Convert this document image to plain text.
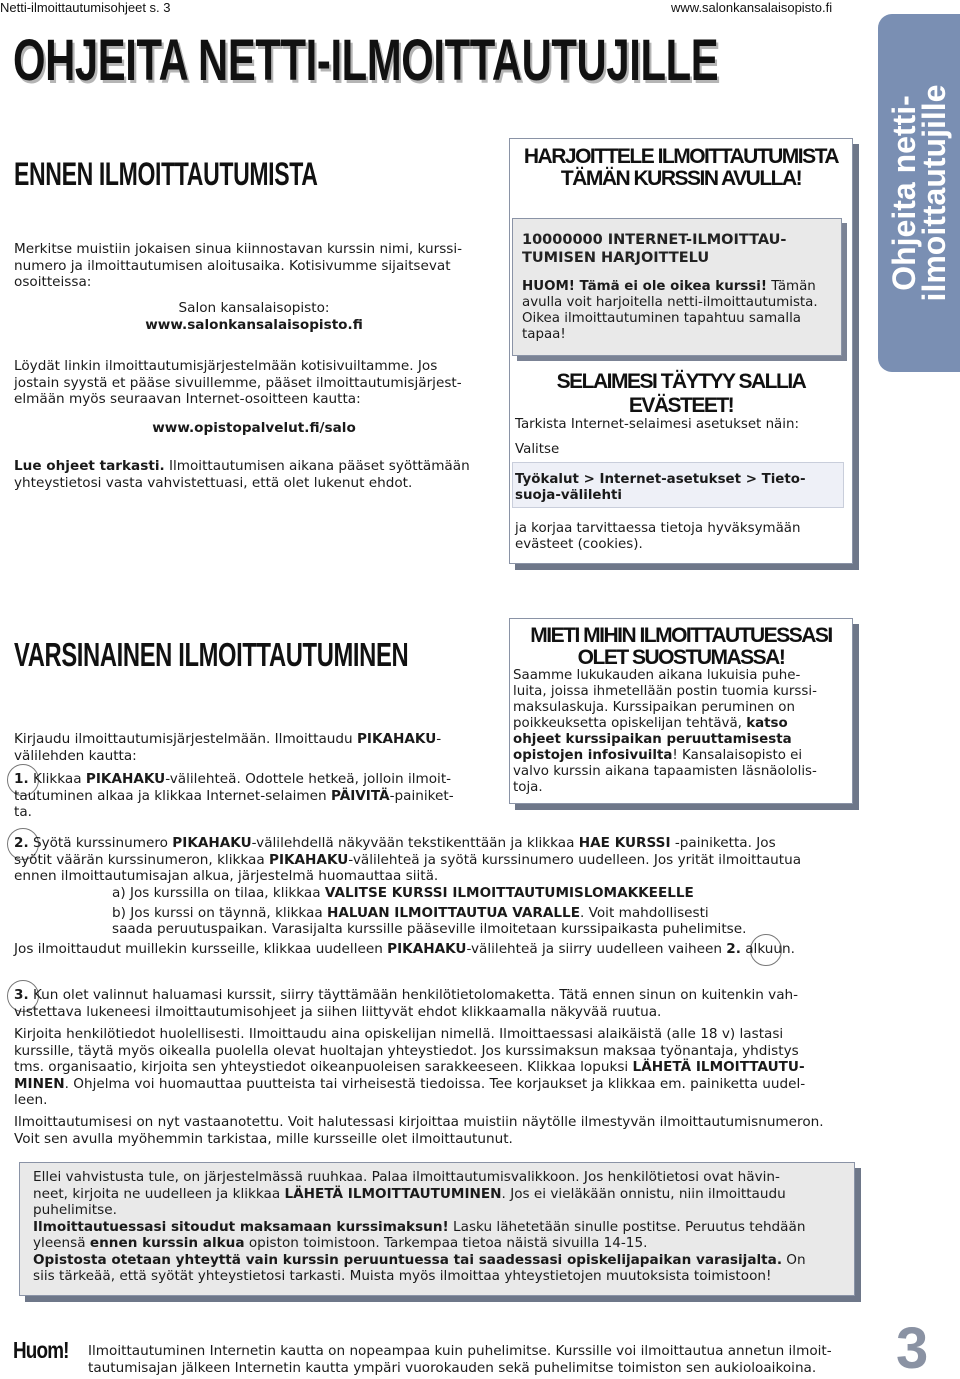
Netti-ilmoittautumisohjeet s. 3	www.salonkansalaisopisto.fi
OHJEITA NETTI-ILMOITTAUTUJILLE
Ohjeita netti-
ilmoittautujille
ENNEN ILMOITTAUTUMISTA
Merkitse muistiin jokaisen sinua kiinnostavan kurssin nimi, kurssi-
numero ja ilmoittautumisen aloitusaika. Kotisivumme sijaitsevat
osoitteissa:
Salon kansalaisopisto:
www.salonkansalaisopisto.fi
Löydät linkin ilmoittautumisjärjestelmään kotisivuiltamme. Jos
jostain syystä et pääse sivuillemme, pääset ilmoittautumisjärjest-
elmään myös seuraavan Internet-osoitteen kautta:
www.opistopalvelut.fi/salo
Lue ohjeet tarkasti. Ilmoittautumisen aikana pääset syöttämään
yhteystietosi vasta vahvistettuasi, että olet lukenut ehdot.
HARJOITTELE ILMOITTAUTUMISTA
TÄMÄN KURSSIN AVULLA!
10000000 INTERNET-ILMOITTAU-
TUMISEN HARJOITTELU
HUOM! Tämä ei ole oikea kurssi! Tämän
avulla voit harjoitella netti-ilmoittautumista.
Oikea ilmoittautuminen tapahtuu samalla
tapaa!
SELAIMESI TÄYTYY SALLIA EVÄSTEET!
Tarkista Internet-selaimesi asetukset näin:
Valitse
Työkalut > Internet-asetukset > Tieto-
suoja-välilehti
ja korjaa tarvittaessa tietoja hyväksymään
evästeet (cookies).
VARSINAINEN ILMOITTAUTUMINEN
Kirjaudu ilmoittautumisjärjestelmään. Ilmoittaudu PIKAHAKU-
välilehden kautta:
1. Klikkaa PIKAHAKU-välilehteä. Odottele hetkeä, jolloin ilmoit-
tautuminen alkaa ja klikkaa Internet-selaimen PÄIVITÄ-painiket-
ta.
MIETI MIHIN ILMOITTAUTUESSASI
OLET SUOSTUMASSA!
Saamme lukukauden aikana lukuisia puhe-
luita, joissa ihmetellään postin tuomia kurssi-
maksulaskuja. Kurssipaikan peruminen on
poikkeuksetta opiskelijan tehtävä, katso
ohjeet kurssipaikan peruuttamisesta
opistojen infosivuilta! Kansalaisopisto ei
valvo kurssin aikana tapaamisten läsnäololis-
toja.
2. Syötä kurssinumero PIKAHAKU-välilehdellä näkyvään tekstikenttään ja klikkaa HAE KURSSI -painiketta. Jos
syötit väärän kurssinumeron, klikkaa PIKAHAKU-välilehteä ja syötä kurssinumero uudelleen. Jos yrität ilmoittautua
ennen ilmoittautumisajan alkua, järjestelmä huomauttaa siitä.
a) Jos kurssilla on tilaa, klikkaa VALITSE KURSSI ILMOITTAUTUMISLOMAKKEELLE
b) Jos kurssi on täynnä, klikkaa HALUAN ILMOITTAUTUA VARALLE. Voit mahdollisesti
saada peruutuspaikan. Varasijalta kurssille pääseville ilmoitetaan kurssipaikasta puhelimitse.
Jos ilmoittaudut muillekin kursseille, klikkaa uudelleen PIKAHAKU-välilehteä ja siirry uudelleen vaiheen 2. alkuun.
3. Kun olet valinnut haluamasi kurssit, siirry täyttämään henkilötietolomaketta. Tätä ennen sinun on kuitenkin vah-
vistettava lukeneesi ilmoittautumisohjeet ja siihen liittyvät ehdot klikkaamalla näkyvää ruutua.
Kirjoita henkilötiedot huolellisesti. Ilmoittaudu aina opiskelijan nimellä. Ilmoittaessasi alaikäistä (alle 18 v) lastasi
kurssille, täytä myös oikealla puolella olevat huoltajan yhteystiedot. Jos kurssimaksun maksaa työnantaja, yhdistys
tms. organisaatio, kirjoita sen yhteystiedot oikeanpuoleisen sarakkeeseen. Klikkaa lopuksi LÄHETÄ ILMOITTAUTU-
MINEN. Ohjelma voi huomauttaa puutteista tai virheisestä tiedoissa. Tee korjaukset ja klikkaa em. painiketta uudel-
leen.
Ilmoittautumisesi on nyt vastaanotettu. Voit halutessasi kirjoittaa muistiin näytölle ilmestyvän ilmoittautumisnumeron.
Voit sen avulla myöhemmin tarkistaa, mille kursseille olet ilmoittautunut.
Ellei vahvistusta tule, on järjestelmässä ruuhkaa. Palaa ilmoittautumisvalikkoon. Jos henkilötietosi ovat hävin-
neet, kirjoita ne uudelleen ja klikkaa LÄHETÄ ILMOITTAUTUMINEN. Jos ei vieläkään onnistu, niin ilmoittaudu
puhelimitse.
Ilmoittautuessasi sitoudut maksamaan kurssimaksun! Lasku lähetetään sinulle postitse. Peruutus tehdään
yleensä ennen kurssin alkua opiston toimistoon. Tarkempaa tietoa näistä sivuilla 14-15.
Opistosta otetaan yhteyttä vain kurssin peruuntuessa tai saadessasi opiskelijapaikan varasijalta. On
siis tärkeää, että syötät yhteystietosi tarkasti. Muista myös ilmoittaa yhteystietojen muutoksista toimistoon!
Huom! Ilmoittautuminen Internetin kautta on nopeampaa kuin puhelimitse. Kurssille voi ilmoittautua annetun ilmoit-
tautumisajan jälkeen Internetin kautta ympäri vuorokauden sekä puhelimitse toimiston sen aukioloaikoina.	3
